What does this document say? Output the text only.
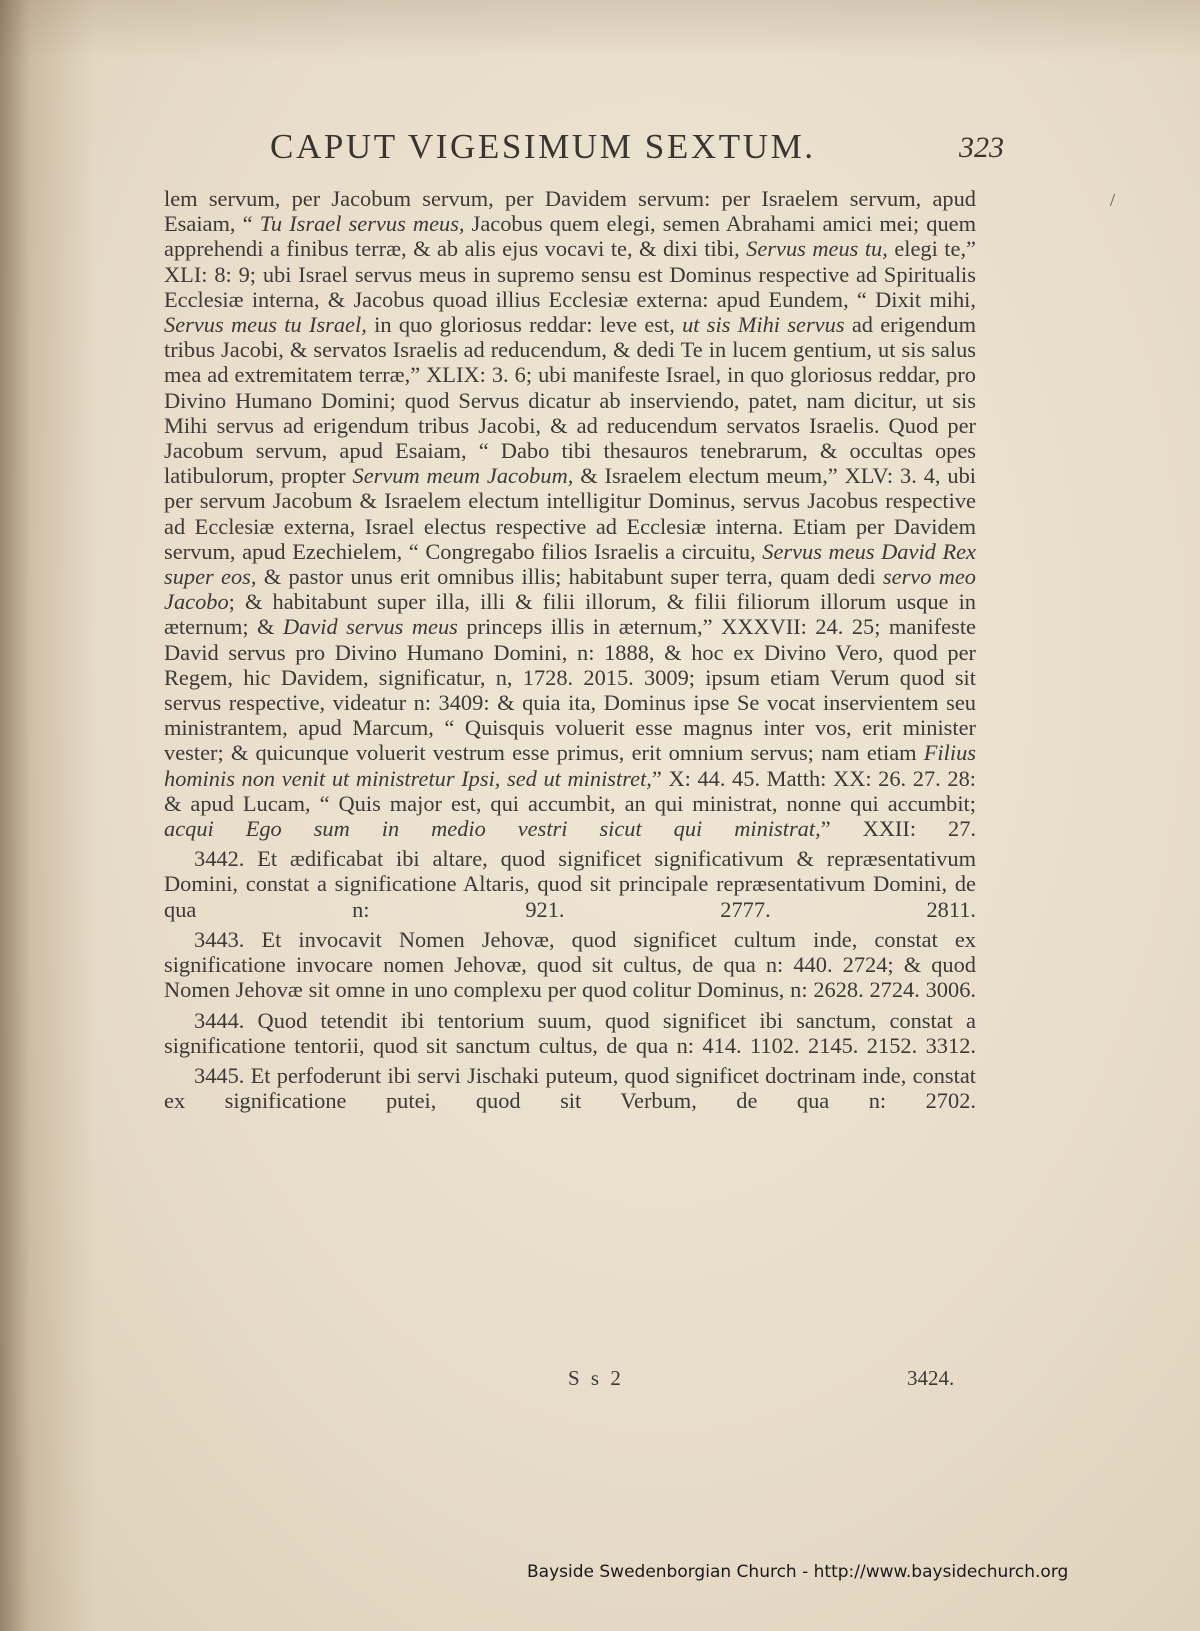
CAPUT VIGESIMUM SEXTUM.	323
/

lem servum, per Jacobum servum, per Davidem servum: per Israelem servum, apud Esaiam, “ Tu Israel servus meus, Jacobus quem elegi, semen Abrahami amici mei; quem apprehendi a finibus terræ, & ab alis ejus vocavi te, & dixi tibi, Servus meus tu, elegi te,” XLI: 8: 9; ubi Israel servus meus in supremo sensu est Dominus respective ad Spiritualis Ecclesiæ interna, & Jacobus quoad illius Ecclesiæ externa: apud Eundem, “ Dixit mihi, Servus meus tu Israel, in quo gloriosus reddar: leve est, ut sis Mihi servus ad erigendum tribus Jacobi, & servatos Israelis ad reducendum, & dedi Te in lucem gentium, ut sis salus mea ad extremitatem terræ,” XLIX: 3. 6; ubi manifeste Israel, in quo gloriosus reddar, pro Divino Humano Domini; quod Servus dicatur ab inserviendo, patet, nam dicitur, ut sis Mihi servus ad erigendum tribus Jacobi, & ad reducendum servatos Israelis. Quod per Jacobum servum, apud Esaiam, “ Dabo tibi thesauros tenebrarum, & occultas opes latibulorum, propter Servum meum Jacobum, & Israelem electum meum,” XLV: 3. 4, ubi per servum Jacobum & Israelem electum intelligitur Dominus, servus Jacobus respective ad Ecclesiæ externa, Israel electus respective ad Ecclesiæ interna. Etiam per Davidem servum, apud Ezechielem, “ Congregabo filios Israelis a circuitu, Servus meus David Rex super eos, & pastor unus erit omnibus illis; habitabunt super terra, quam dedi servo meo Jacobo; & habitabunt super illa, illi & filii illorum, & filii filiorum illorum usque in æternum; & David servus meus princeps illis in æternum,” XXXVII: 24. 25; manifeste David servus pro Divino Humano Domini, n: 1888, & hoc ex Divino Vero, quod per Regem, hic Davidem, significatur, n, 1728. 2015. 3009; ipsum etiam Verum quod sit servus respective, videatur n: 3409: & quia ita, Dominus ipse Se vocat inservientem seu ministrantem, apud Marcum, “ Quisquis voluerit esse magnus inter vos, erit minister vester; & quicunque voluerit vestrum esse primus, erit omnium servus; nam etiam Filius hominis non venit ut ministretur Ipsi, sed ut ministret,” X: 44. 45. Matth: XX: 26. 27. 28: & apud Lucam, “ Quis major est, qui accumbit, an qui ministrat, nonne qui accumbit; acqui Ego sum in medio vestri sicut qui ministrat,” XXII: 27.

3442. Et ædificabat ibi altare, quod significet significativum & repræsentativum Domini, constat a significatione Altaris, quod sit principale repræsentativum Domini, de qua n: 921. 2777. 2811.

3443. Et invocavit Nomen Jehovæ, quod significet cultum inde, constat ex significatione invocare nomen Jehovæ, quod sit cultus, de qua n: 440. 2724; & quod Nomen Jehovæ sit omne in uno complexu per quod colitur Dominus, n: 2628. 2724. 3006.

3444. Quod tetendit ibi tentorium suum, quod significet ibi sanctum, constat a significatione tentorii, quod sit sanctum cultus, de qua n: 414. 1102. 2145. 2152. 3312.

3445. Et perfoderunt ibi servi Jischaki puteum, quod significet doctrinam inde, constat ex significatione putei, quod sit Verbum, de qua n: 2702.

S s 2	3424.
Bayside Swedenborgian Church - http://www.baysidechurch.org
